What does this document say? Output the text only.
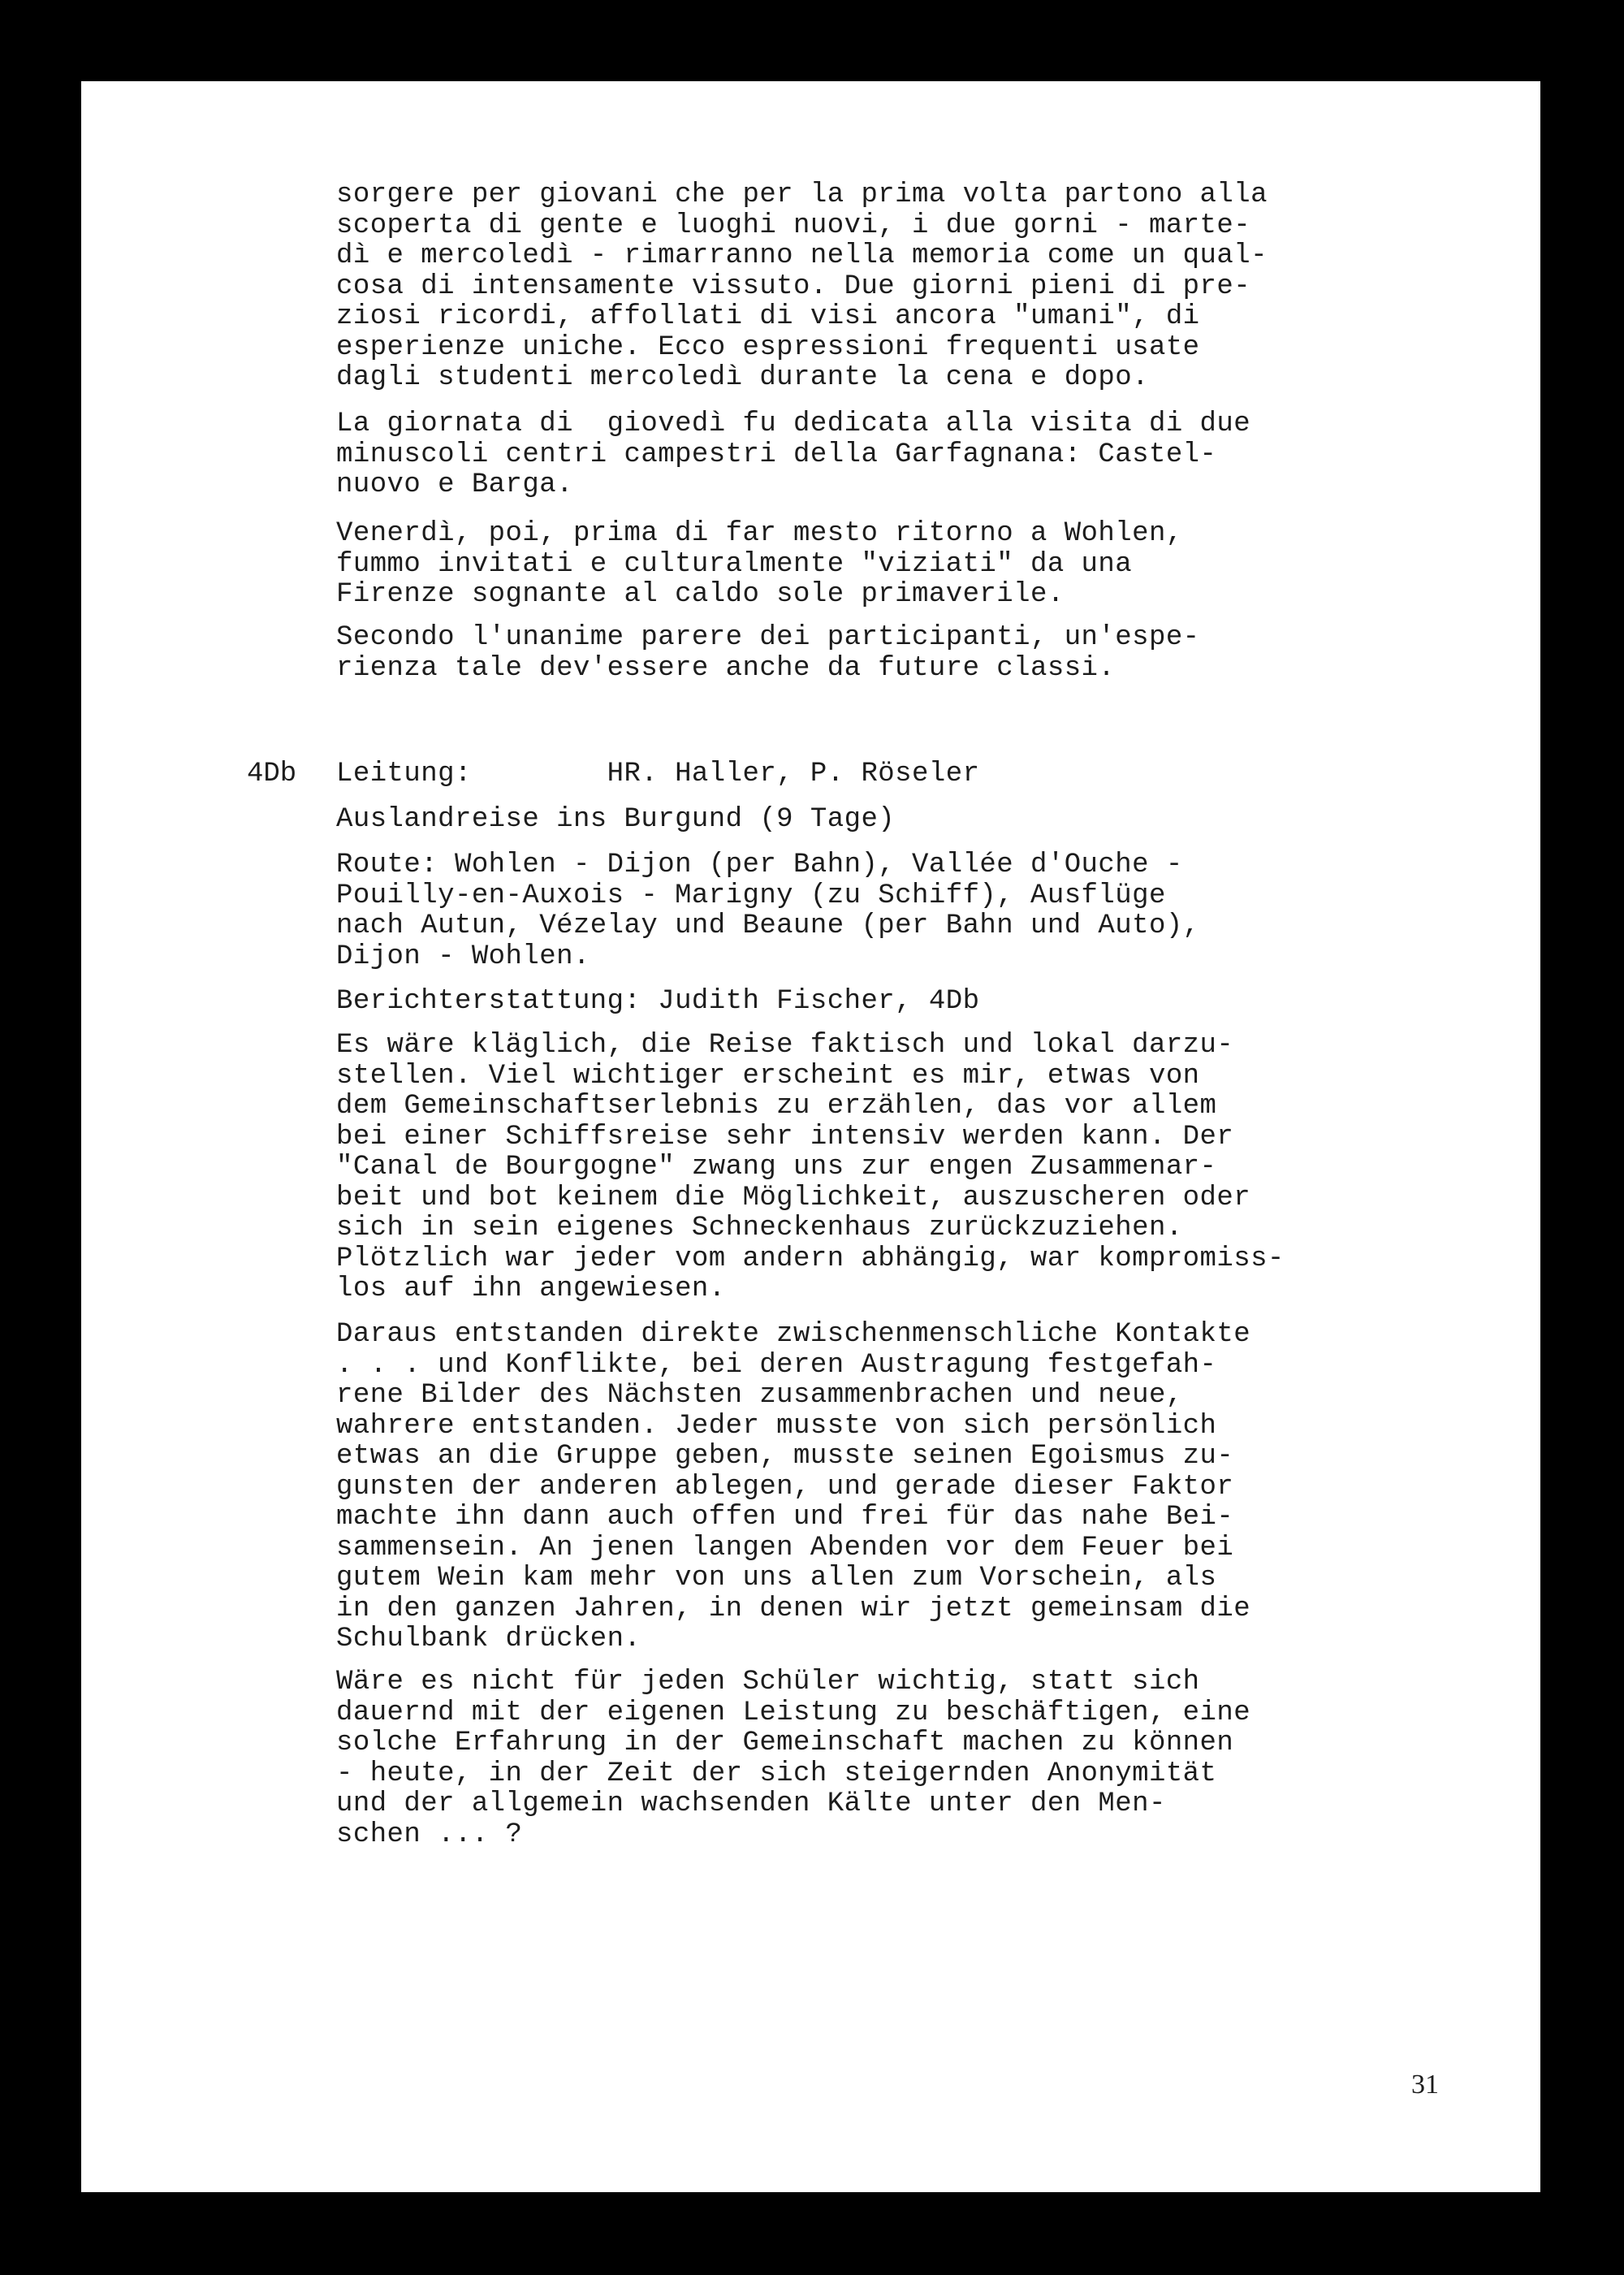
sorgere per giovani che per la prima volta partono alla
scoperta di gente e luoghi nuovi, i due gorni - marte-
dì e mercoledì - rimarranno nella memoria come un qual-
cosa di intensamente vissuto. Due giorni pieni di pre-
ziosi ricordi, affollati di visi ancora "umani", di
esperienze uniche. Ecco espressioni frequenti usate
dagli studenti mercoledì durante la cena e dopo.
La giornata di  giovedì fu dedicata alla visita di due
minuscoli centri campestri della Garfagnana: Castel-
nuovo e Barga.
Venerdì, poi, prima di far mesto ritorno a Wohlen,
fummo invitati e culturalmente "viziati" da una
Firenze sognante al caldo sole primaverile.
Secondo l'unanime parere dei participanti, un'espe-
rienza tale dev'essere anche da future classi.
4Db Leitung:        HR. Haller, P. Röseler
Auslandreise ins Burgund (9 Tage)
Route: Wohlen - Dijon (per Bahn), Vallée d'Ouche -
Pouilly-en-Auxois - Marigny (zu Schiff), Ausflüge
nach Autun, Vézelay und Beaune (per Bahn und Auto),
Dijon - Wohlen.
Berichterstattung: Judith Fischer, 4Db
Es wäre kläglich, die Reise faktisch und lokal darzu-
stellen. Viel wichtiger erscheint es mir, etwas von
dem Gemeinschaftserlebnis zu erzählen, das vor allem
bei einer Schiffsreise sehr intensiv werden kann. Der
"Canal de Bourgogne" zwang uns zur engen Zusammenar-
beit und bot keinem die Möglichkeit, auszuscheren oder
sich in sein eigenes Schneckenhaus zurückzuziehen.
Plötzlich war jeder vom andern abhängig, war kompromiss-
los auf ihn angewiesen.
Daraus entstanden direkte zwischenmenschliche Kontakte
. . . und Konflikte, bei deren Austragung festgefah-
rene Bilder des Nächsten zusammenbrachen und neue,
wahrere entstanden. Jeder musste von sich persönlich
etwas an die Gruppe geben, musste seinen Egoismus zu-
gunsten der anderen ablegen, und gerade dieser Faktor
machte ihn dann auch offen und frei für das nahe Bei-
sammensein. An jenen langen Abenden vor dem Feuer bei
gutem Wein kam mehr von uns allen zum Vorschein, als
in den ganzen Jahren, in denen wir jetzt gemeinsam die
Schulbank drücken.
Wäre es nicht für jeden Schüler wichtig, statt sich
dauernd mit der eigenen Leistung zu beschäftigen, eine
solche Erfahrung in der Gemeinschaft machen zu können
- heute, in der Zeit der sich steigernden Anonymität
und der allgemein wachsenden Kälte unter den Men-
schen ... ?
31
